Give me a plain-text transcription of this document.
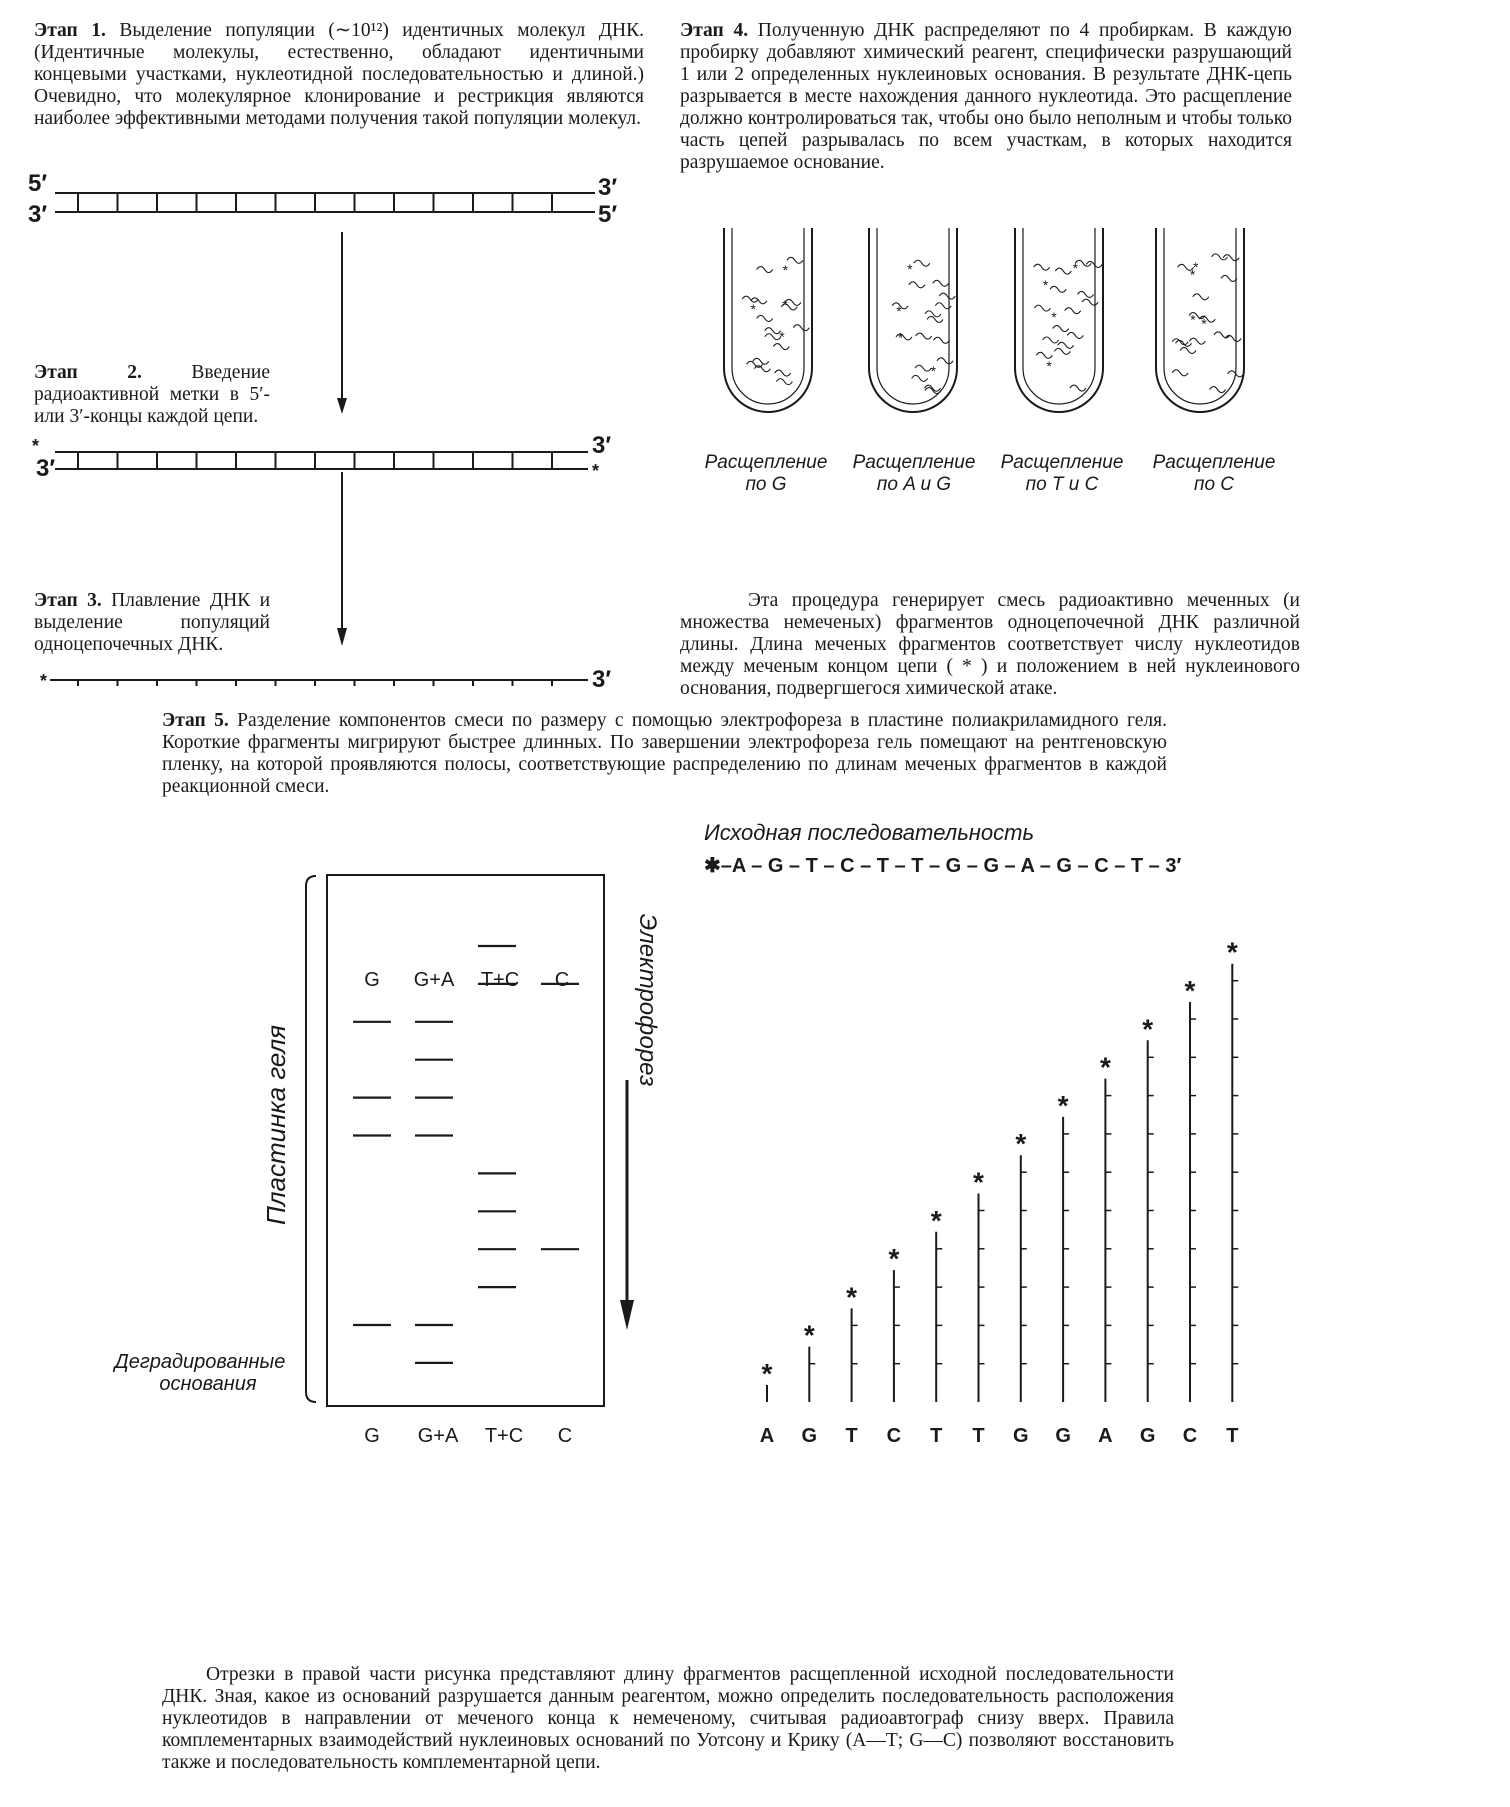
Этап 1. Выделение популяции (∼10¹²) идентичных молекул ДНК. (Идентичные молекулы, естественно, обладают идентичными концевыми участками, нуклеотидной последовательностью и длиной.) Очевидно, что молекулярное клонирование и рестрикция являются наиболее эффективными методами получения такой популяции молекул.

Этап 4. Полученную ДНК распределяют по 4 пробиркам. В каждую пробирку добавляют химический реагент, специфически разрушающий 1 или 2 определенных нуклеиновых основания. В результате ДНК-цепь разрывается в месте нахождения данного нуклеотида. Это расщепление должно контролироваться так, чтобы оно было неполным и чтобы только часть цепей разрывалась по всем участкам, в которых находится разрушаемое основание.

Этап 2.	Введение радиоактивной метки в 5′- или 3′-концы каждой цепи.

Этап 3. Плавление ДНК и выделение популяций одноцепочечных ДНК.

Эта процедура генерирует смесь радиоактивно меченных (и множества немеченых) фрагментов одноцепочечной ДНК различной длины. Длина меченых фрагментов соответствует числу нуклеотидов между меченым концом цепи ( * ) и положением в ней нуклеинового основания, подвергшегося химической атаке.

Этап 5. Разделение компонентов смеси по размеру с помощью электрофореза в пластине полиакриламидного геля. Короткие фрагменты мигрируют быстрее длинных. По завершении электрофореза гель помещают на рентгеновскую пленку, на которой проявляются полосы, соответствующие распределению по длинам меченых фрагментов в каждой реакционной смеси.

Отрезки в правой части рисунка представляют длину фрагментов расщепленной исходной последовательности ДНК. Зная, какое из оснований разрушается данным реагентом, можно определить последовательность расположения нуклеотидов в направлении от меченого конца к немеченому, считывая радиоавтограф снизу вверх. Правила комплементарных взаимодействий нуклеиновых оснований по Уотсону и Крику (А—Т; G—С) позволяют восстановить также и последовательность комплементарной цепи.

*
*
*
*
*
*
*
*
*
*
*
*
*
*
* *
5′
3′
3′
5′
*
3′
3′
*
*	3′
Расщепление
по G
Расщепление
по A и G
Расщепление
по T и C
Расщепление
по C
G G+A T+C C
G G+A T+C C
Пластинка геля
Электрофорез
Деградированные
основания
Исходная последовательность
✱–A – G – T – C – T – T – G – G – A – G – C – T – 3′
*
A
*
G
*
T
*
C
*
T
*
T
*
G
*
G
*
A
*
G
*
C
*
T
